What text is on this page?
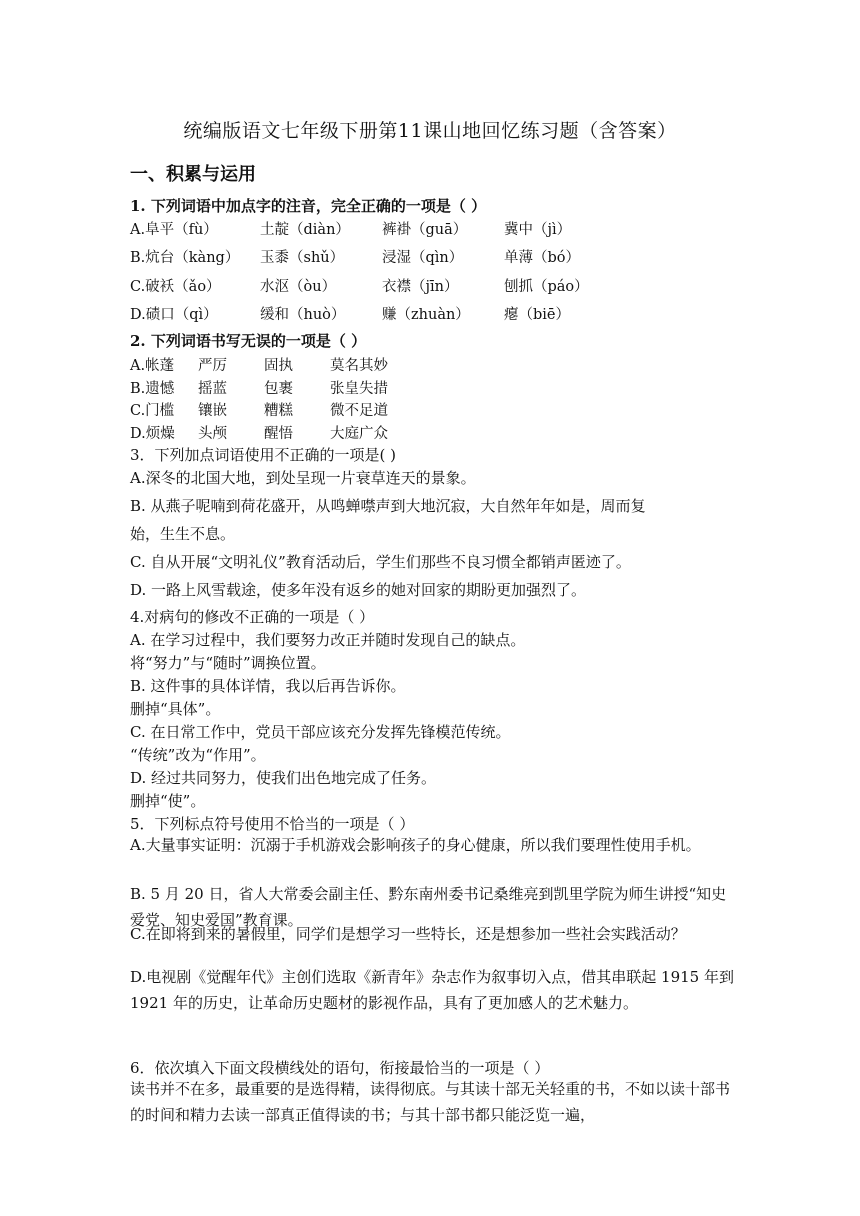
统编版语文七年级下册第11课山地回忆练习题（含答案）
一、积累与运用
1. 下列词语中加点字的注音，完全正确的一项是（ ）
A.阜平（fù）	土靛（diàn） 裤褂（guā）	冀中（jì）
B.炕台（kàng） 玉黍（shǔ）	浸湿（qìn）	单薄（bó）
C.破袄（ǎo）	水沤（òu）	衣襟（jīn）	刨抓（páo）
D.碛口（qì）	缓和（huò）	赚（zhuàn） 瘪（biē）
2. 下列词语书写无误的一项是（ ）
A.帐蓬 严厉	固执	莫名其妙
B.遗憾 摇蓝	包裹	张皇失措
C.门槛 镶嵌	糟糕	微不足道
D.烦燥 头颅	醒悟	大庭广众
3．下列加点词语使用不正确的一项是( )
A.深冬的北国大地，到处呈现一片衰草连天的景象。
B. 从燕子呢喃到荷花盛开，从鸣蝉噤声到大地沉寂，大自然年年如是，周而复
始，生生不息。
C. 自从开展“文明礼仪”教育活动后，学生们那些不良习惯全都销声匿迹了。
D. 一路上风雪载途，使多年没有返乡的她对回家的期盼更加强烈了。
4.对病句的修改不正确的一项是（ ）
A. 在学习过程中，我们要努力改正并随时发现自己的缺点。
将“努力”与“随时”调换位置。
B. 这件事的具体详情，我以后再告诉你。
删掉“具体”。
C. 在日常工作中，党员干部应该充分发挥先锋模范传统。
“传统”改为“作用”。
D. 经过共同努力，使我们出色地完成了任务。
删掉“使”。
5．下列标点符号使用不恰当的一项是（ ）
A.大量事实证明：沉溺于手机游戏会影响孩子的身心健康，所以我们要理性使用手机。
B. 5 月 20 日，省人大常委会副主任、黔东南州委书记桑维亮到凯里学院为师生讲授“知史爱党、知史爱国”教育课。
C.在即将到来的暑假里，同学们是想学习一些特长，还是想参加一些社会实践活动？
D.电视剧《觉醒年代》主创们选取《新青年》杂志作为叙事切入点，借其串联起 1915 年到 1921 年的历史，让革命历史题材的影视作品，具有了更加感人的艺术魅力。
6．依次填入下面文段横线处的语句，衔接最恰当的一项是（ ）
读书并不在多，最重要的是选得精，读得彻底。与其读十部无关轻重的书，不如以读十部书的时间和精力去读一部真正值得读的书；与其十部书都只能泛览一遍，
